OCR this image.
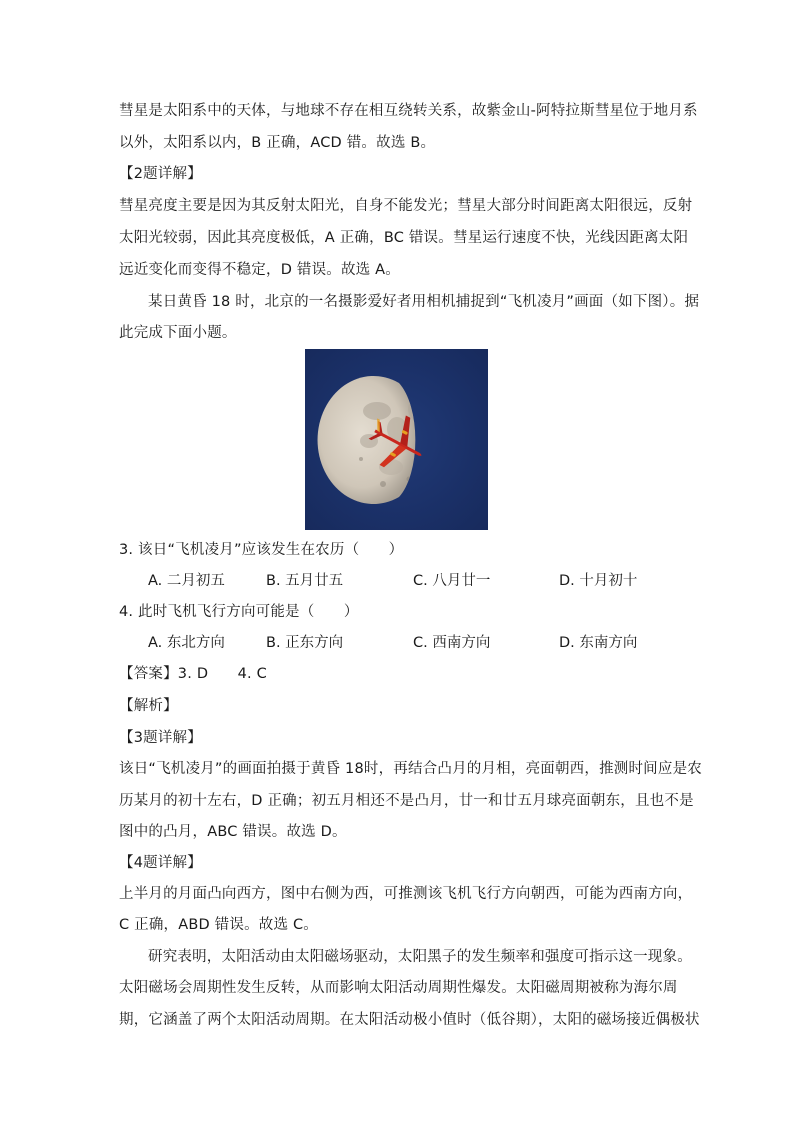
彗星是太阳系中的天体，与地球不存在相互绕转关系，故紫金山-阿特拉斯彗星位于地月系
以外，太阳系以内，B 正确，ACD 错。故选 B。
【2题详解】
彗星亮度主要是因为其反射太阳光，自身不能发光；彗星大部分时间距离太阳很远，反射
太阳光较弱，因此其亮度极低，A 正确，BC 错误。彗星运行速度不快，光线因距离太阳
远近变化而变得不稳定，D 错误。故选 A。
某日黄昏 18 时，北京的一名摄影爱好者用相机捕捉到“飞机凌月”画面（如下图）。据
此完成下面小题。
3. 该日“飞机凌月”应该发生在农历（　　）
A. 二月初五	B. 五月廿五	C. 八月廿一	D. 十月初十
4. 此时飞机飞行方向可能是（　　）
A. 东北方向	B. 正东方向	C. 西南方向	D. 东南方向
【答案】3. D　　4. C
【解析】
【3题详解】
该日“飞机凌月”的画面拍摄于黄昏 18时，再结合凸月的月相，亮面朝西，推测时间应是农
历某月的初十左右，D 正确；初五月相还不是凸月，廿一和廿五月球亮面朝东，且也不是
图中的凸月，ABC 错误。故选 D。
【4题详解】
上半月的月面凸向西方，图中右侧为西，可推测该飞机飞行方向朝西，可能为西南方向，
C 正确，ABD 错误。故选 C。
研究表明，太阳活动由太阳磁场驱动，太阳黑子的发生频率和强度可指示这一现象。
太阳磁场会周期性发生反转，从而影响太阳活动周期性爆发。太阳磁周期被称为海尔周
期，它涵盖了两个太阳活动周期。在太阳活动极小值时（低谷期），太阳的磁场接近偶极状
